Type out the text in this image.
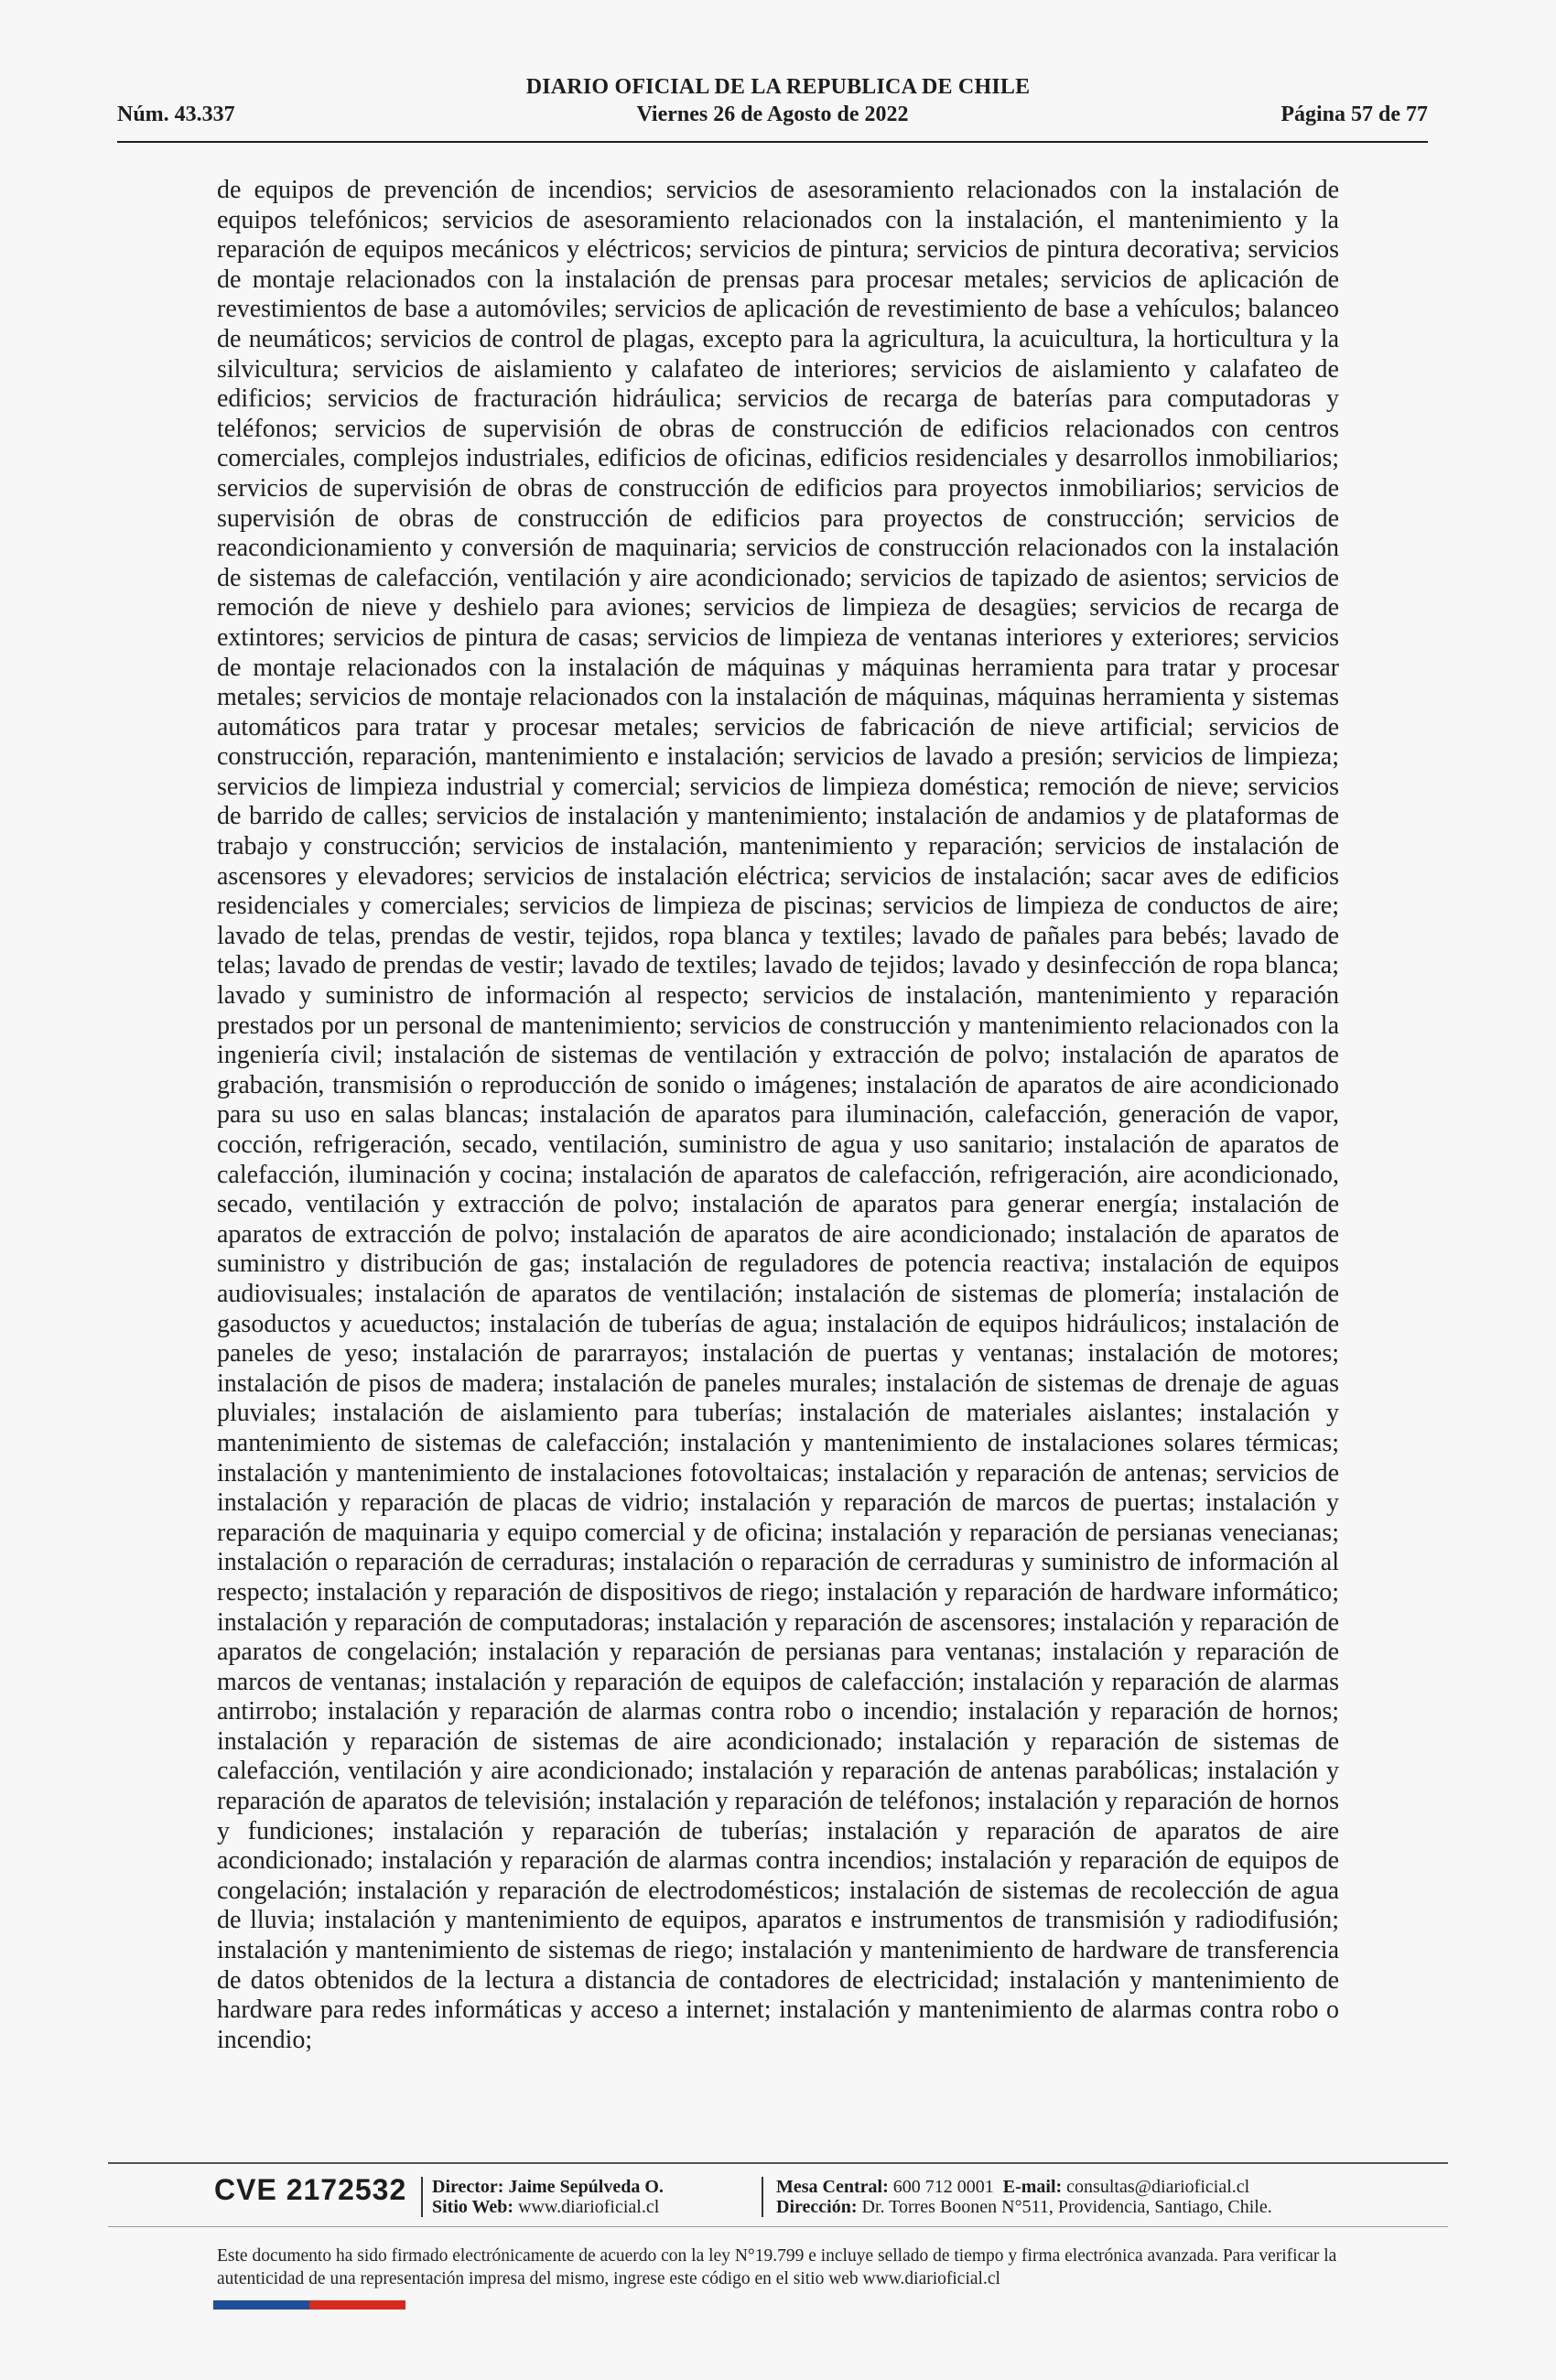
DIARIO OFICIAL DE LA REPUBLICA DE CHILE
Núm. 43.337	Viernes 26 de Agosto de 2022	Página 57 de 77
de equipos de prevención de incendios; servicios de asesoramiento relacionados con la instalación de equipos telefónicos; servicios de asesoramiento relacionados con la instalación, el mantenimiento y la reparación de equipos mecánicos y eléctricos; servicios de pintura; servicios de pintura decorativa; servicios de montaje relacionados con la instalación de prensas para procesar metales; servicios de aplicación de revestimientos de base a automóviles; servicios de aplicación de revestimiento de base a vehículos; balanceo de neumáticos; servicios de control de plagas, excepto para la agricultura, la acuicultura, la horticultura y la silvicultura; servicios de aislamiento y calafateo de interiores; servicios de aislamiento y calafateo de edificios; servicios de fracturación hidráulica; servicios de recarga de baterías para computadoras y teléfonos; servicios de supervisión de obras de construcción de edificios relacionados con centros comerciales, complejos industriales, edificios de oficinas, edificios residenciales y desarrollos inmobiliarios; servicios de supervisión de obras de construcción de edificios para proyectos inmobiliarios; servicios de supervisión de obras de construcción de edificios para proyectos de construcción; servicios de reacondicionamiento y conversión de maquinaria; servicios de construcción relacionados con la instalación de sistemas de calefacción, ventilación y aire acondicionado; servicios de tapizado de asientos; servicios de remoción de nieve y deshielo para aviones; servicios de limpieza de desagües; servicios de recarga de extintores; servicios de pintura de casas; servicios de limpieza de ventanas interiores y exteriores; servicios de montaje relacionados con la instalación de máquinas y máquinas herramienta para tratar y procesar metales; servicios de montaje relacionados con la instalación de máquinas, máquinas herramienta y sistemas automáticos para tratar y procesar metales; servicios de fabricación de nieve artificial; servicios de construcción, reparación, mantenimiento e instalación; servicios de lavado a presión; servicios de limpieza; servicios de limpieza industrial y comercial; servicios de limpieza doméstica; remoción de nieve; servicios de barrido de calles; servicios de instalación y mantenimiento; instalación de andamios y de plataformas de trabajo y construcción; servicios de instalación, mantenimiento y reparación; servicios de instalación de ascensores y elevadores; servicios de instalación eléctrica; servicios de instalación; sacar aves de edificios residenciales y comerciales; servicios de limpieza de piscinas; servicios de limpieza de conductos de aire; lavado de telas, prendas de vestir, tejidos, ropa blanca y textiles; lavado de pañales para bebés; lavado de telas; lavado de prendas de vestir; lavado de textiles; lavado de tejidos; lavado y desinfección de ropa blanca; lavado y suministro de información al respecto; servicios de instalación, mantenimiento y reparación prestados por un personal de mantenimiento; servicios de construcción y mantenimiento relacionados con la ingeniería civil; instalación de sistemas de ventilación y extracción de polvo; instalación de aparatos de grabación, transmisión o reproducción de sonido o imágenes; instalación de aparatos de aire acondicionado para su uso en salas blancas; instalación de aparatos para iluminación, calefacción, generación de vapor, cocción, refrigeración, secado, ventilación, suministro de agua y uso sanitario; instalación de aparatos de calefacción, iluminación y cocina; instalación de aparatos de calefacción, refrigeración, aire acondicionado, secado, ventilación y extracción de polvo; instalación de aparatos para generar energía; instalación de aparatos de extracción de polvo; instalación de aparatos de aire acondicionado; instalación de aparatos de suministro y distribución de gas; instalación de reguladores de potencia reactiva; instalación de equipos audiovisuales; instalación de aparatos de ventilación; instalación de sistemas de plomería; instalación de gasoductos y acueductos; instalación de tuberías de agua; instalación de equipos hidráulicos; instalación de paneles de yeso; instalación de pararrayos; instalación de puertas y ventanas; instalación de motores; instalación de pisos de madera; instalación de paneles murales; instalación de sistemas de drenaje de aguas pluviales; instalación de aislamiento para tuberías; instalación de materiales aislantes; instalación y mantenimiento de sistemas de calefacción; instalación y mantenimiento de instalaciones solares térmicas; instalación y mantenimiento de instalaciones fotovoltaicas; instalación y reparación de antenas; servicios de instalación y reparación de placas de vidrio; instalación y reparación de marcos de puertas; instalación y reparación de maquinaria y equipo comercial y de oficina; instalación y reparación de persianas venecianas; instalación o reparación de cerraduras; instalación o reparación de cerraduras y suministro de información al respecto; instalación y reparación de dispositivos de riego; instalación y reparación de hardware informático; instalación y reparación de computadoras; instalación y reparación de ascensores; instalación y reparación de aparatos de congelación; instalación y reparación de persianas para ventanas; instalación y reparación de marcos de ventanas; instalación y reparación de equipos de calefacción; instalación y reparación de alarmas antirrobo; instalación y reparación de alarmas contra robo o incendio; instalación y reparación de hornos; instalación y reparación de sistemas de aire acondicionado; instalación y reparación de sistemas de calefacción, ventilación y aire acondicionado; instalación y reparación de antenas parabólicas; instalación y reparación de aparatos de televisión; instalación y reparación de teléfonos; instalación y reparación de hornos y fundiciones; instalación y reparación de tuberías; instalación y reparación de aparatos de aire acondicionado; instalación y reparación de alarmas contra incendios; instalación y reparación de equipos de congelación; instalación y reparación de electrodomésticos; instalación de sistemas de recolección de agua de lluvia; instalación y mantenimiento de equipos, aparatos e instrumentos de transmisión y radiodifusión; instalación y mantenimiento de sistemas de riego; instalación y mantenimiento de hardware de transferencia de datos obtenidos de la lectura a distancia de contadores de electricidad; instalación y mantenimiento de hardware para redes informáticas y acceso a internet; instalación y mantenimiento de alarmas contra robo o incendio;
CVE 2172532 Director: Jaime Sepúlveda O.
Sitio Web: www.diarioficial.cl
Mesa Central: 600 712 0001 E-mail: consultas@diarioficial.cl
Dirección: Dr. Torres Boonen N°511, Providencia, Santiago, Chile.
Este documento ha sido firmado electrónicamente de acuerdo con la ley N°19.799 e incluye sellado de tiempo y firma electrónica avanzada. Para verificar la autenticidad de una representación impresa del mismo, ingrese este código en el sitio web www.diarioficial.cl
